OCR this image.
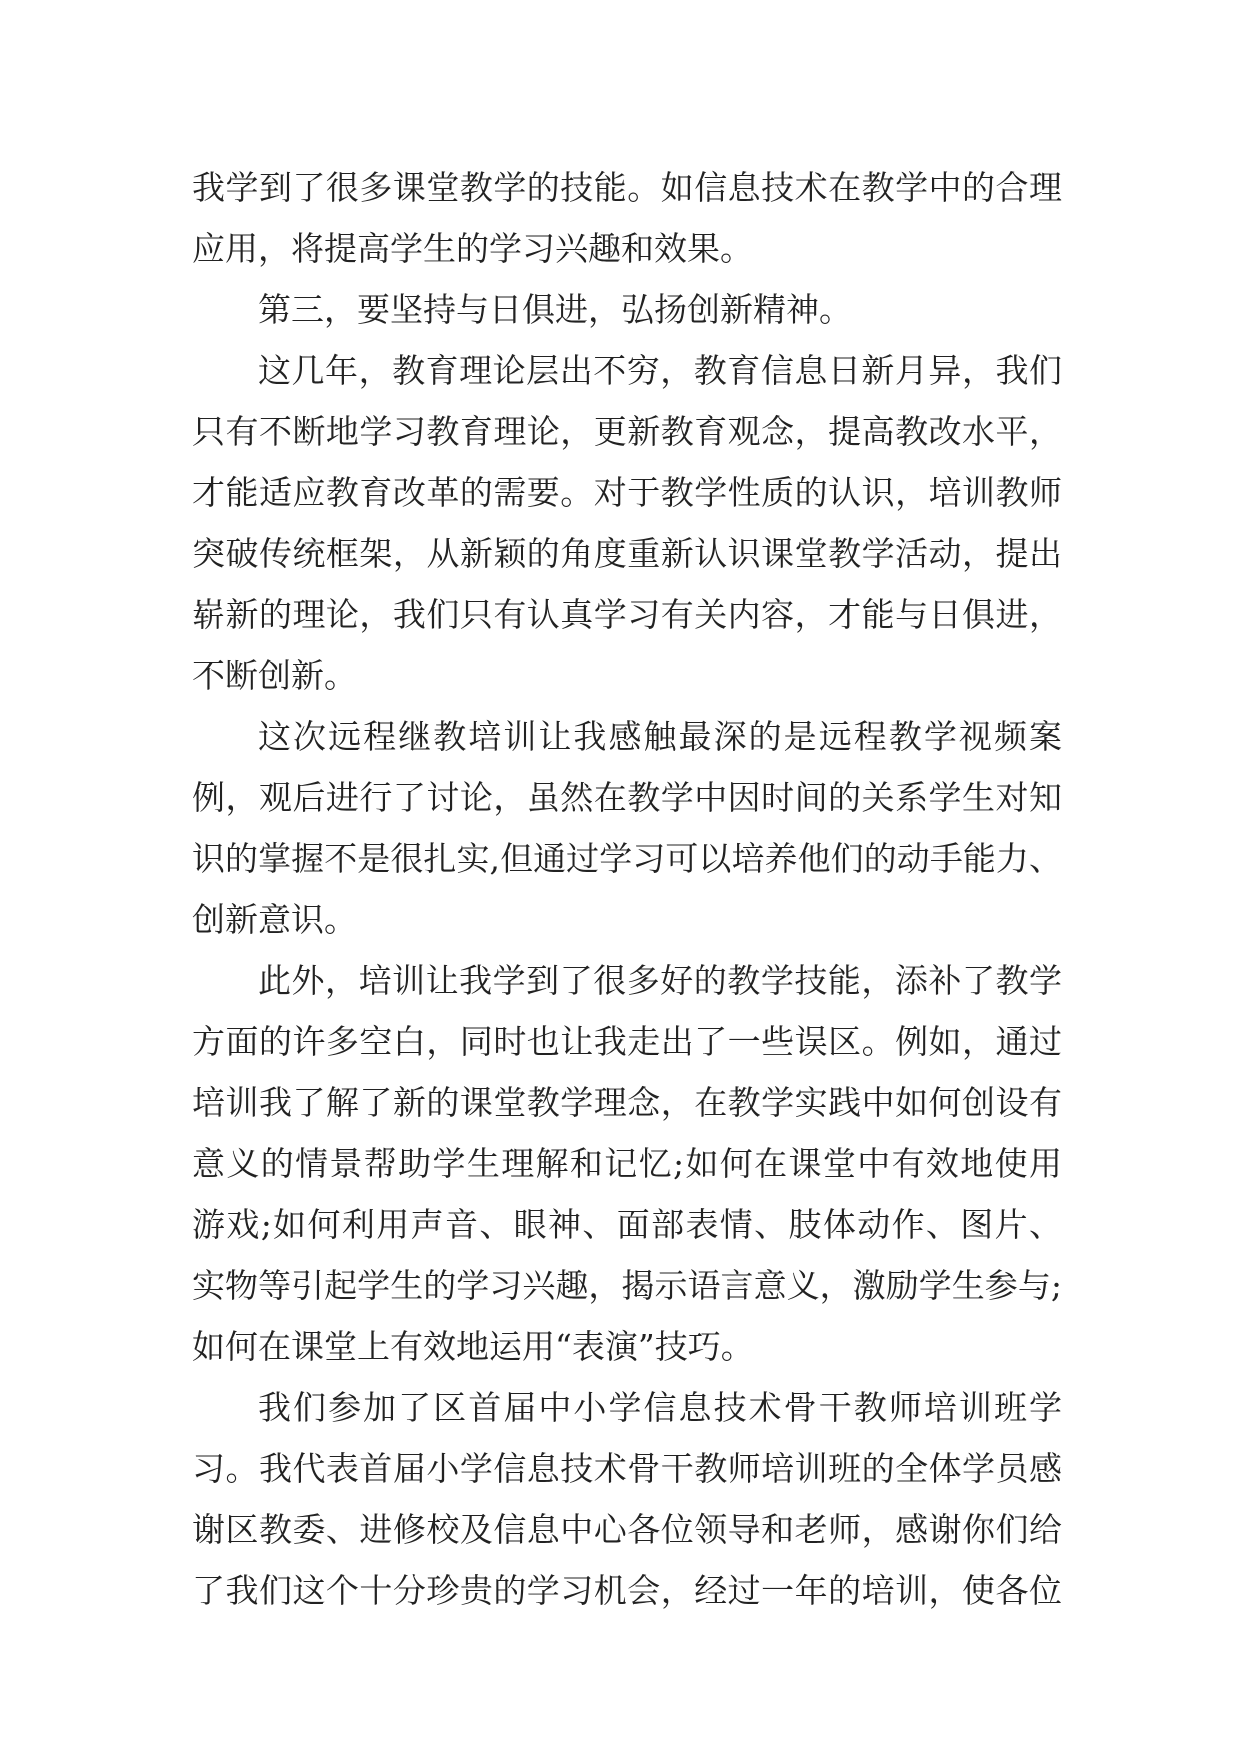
我学到了很多课堂教学的技能。如信息技术在教学中的合理
应用，将提高学生的学习兴趣和效果。

第三，要坚持与日俱进，弘扬创新精神。

这几年，教育理论层出不穷，教育信息日新月异，我们
只有不断地学习教育理论，更新教育观念，提高教改水平，
才能适应教育改革的需要。对于教学性质的认识，培训教师
突破传统框架，从新颖的角度重新认识课堂教学活动，提出
崭新的理论，我们只有认真学习有关内容，才能与日俱进，
不断创新。

这次远程继教培训让我感触最深的是远程教学视频案
例，观后进行了讨论，虽然在教学中因时间的关系学生对知
识的掌握不是很扎实,但通过学习可以培养他们的动手能力、
创新意识。

此外，培训让我学到了很多好的教学技能，添补了教学
方面的许多空白，同时也让我走出了一些误区。例如，通过
培训我了解了新的课堂教学理念，在教学实践中如何创设有
意义的情景帮助学生理解和记忆;如何在课堂中有效地使用
游戏;如何利用声音、眼神、面部表情、肢体动作、图片、
实物等引起学生的学习兴趣，揭示语言意义，激励学生参与;
如何在课堂上有效地运用“表演”技巧。

我们参加了区首届中小学信息技术骨干教师培训班学
习。我代表首届小学信息技术骨干教师培训班的全体学员感
谢区教委、进修校及信息中心各位领导和老师，感谢你们给
了我们这个十分珍贵的学习机会，经过一年的培训，使各位
